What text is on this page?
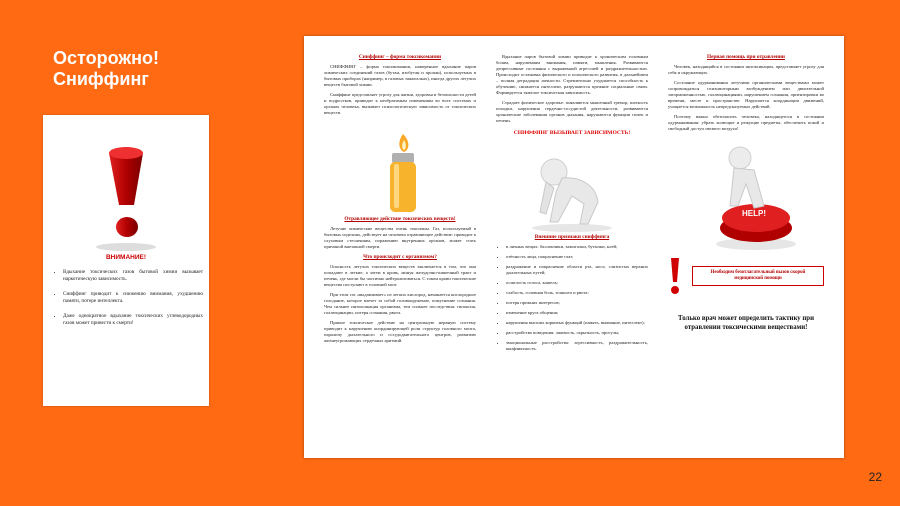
Осторожно!
Сниффинг
ВНИМАНИЕ!
• Вдыхание токсических газов бытовой химии вызывает наркотическую зависимость.
• Сниффинг приводит к снижению внимания, ухудшению памяти, потере интеллекта.
• Даже однократное вдыхание токсических углеводородных газов может привести к смерти!
Сниффинг – форма токсикомании

СНИФФИНГ – форма токсикомании, намеренное вдыхание паров химических соединений газов (бутан, изобутан и пропан), используемых в бытовых приборах (например, в газовых зажигалках), иногда других летучих веществ бытовой химии.

Сниффинг представляет угрозу для жизни, здоровья и безопасности детей и подростков, приводит к необратимым изменениям во всех системах и органах человека, вызывает психологическую зависимость от токсических веществ.

Отравляющее действие токсических веществ!

Летучие химические вещества очень токсичны. Газ, используемый в бытовых изделиях, действует на человека отравляющее действие: приводит к слуховым стеснениям, поражению внутренних органов, может стать причиной внезапной смерти.

Что происходит с организмом?

Опасность летучих токсических веществ заключается в том, что они попадают в легкие, а затем в кровь, минуя желудочно-кишечный тракт и печень, где могли бы частично нейтрализоваться. С током крови токсические вещества поступают в головной мозг.

При этом газ «выдавливает» из легких кислород, начинается кислородное голодание, которое влечет за собой головокружение, помутнение сознания. Чем сильнее интоксикация организма, тем сильнее последствия: гипоксия, галлюцинации, потеря сознания, рвота.

Прямое токсическое действие на центральную нервную систему приводит к нарушению координирующей роли структур головного мозга, параличу дыхательного и сосудодвигательного центров, развитию жизнеугрожающих сердечных аритмий.

Вдыхание паров бытовой химии приводит к хроническим головным болям, нарушениям внимания, памяти, мышления. Развиваются депрессивные состояния с выраженной агрессией и раздражительностью. Происходит остановка физического и психического развития, в дальнейшем – полная деградация личности. Стремительно ухудшается способность к обучению, снижается интеллект, разрушаются прежние социальные связи. Формируется тяжелое токсическая зависимость.

Страдает физическое здоровье: появляются мышечный тремор, шаткость походки, нарушения сердечно-сосудистой деятельности, развиваются хронические заболевания органов дыхания, нарушаются функции почек и печени.

СНИФФИНГ ВЫЗЫВАЕТ ЗАВИСИМОСТЬ!
Внешние признаки сниффинга
• в личных вещах: баллончики, зажигалки, бутылки, клей;
• отёчность лица, покраснение глаз;
• раздражение и покраснение области рта, носа, слизистых верхних дыхательных путей;
• осиплость голоса, кашель;
• слабость, головная боль, тошнота и рвота;
• потеря прежних интересов;
• изменение круга общения;
• нарушения высших корковых функций (память, внимание, интеллект);
• расстройства поведения: лживость, скрытность, прогулы;
• эмоциональные расстройства: агрессивность, раздражительность, конфликтность.
Первая помощь при отравлении

Человек, находящийся в состоянии интоксикации, представляет угрозу для себя и окружающих.

Состояние одурманивания летучими органическими веществами может сопровождаться психомоторным возбуждением или двигательной заторможенностью, галлюцинациями, нарушением сознания, ориентировки во времени, месте и пространстве. Нарушается координация движений, учащается возможность непредсказуемых действий.

Поэтому важно обезопасить человека, находящегося в состоянии одурманивания: убрать колющие и режущие предметы, обеспечить покой и свободный доступ свежего воздуха!

HELP!
Необходим безотлагательный вызов скорой медицинской помощи
Только врач может определить тактику при отравлении токсическими веществами!
22
